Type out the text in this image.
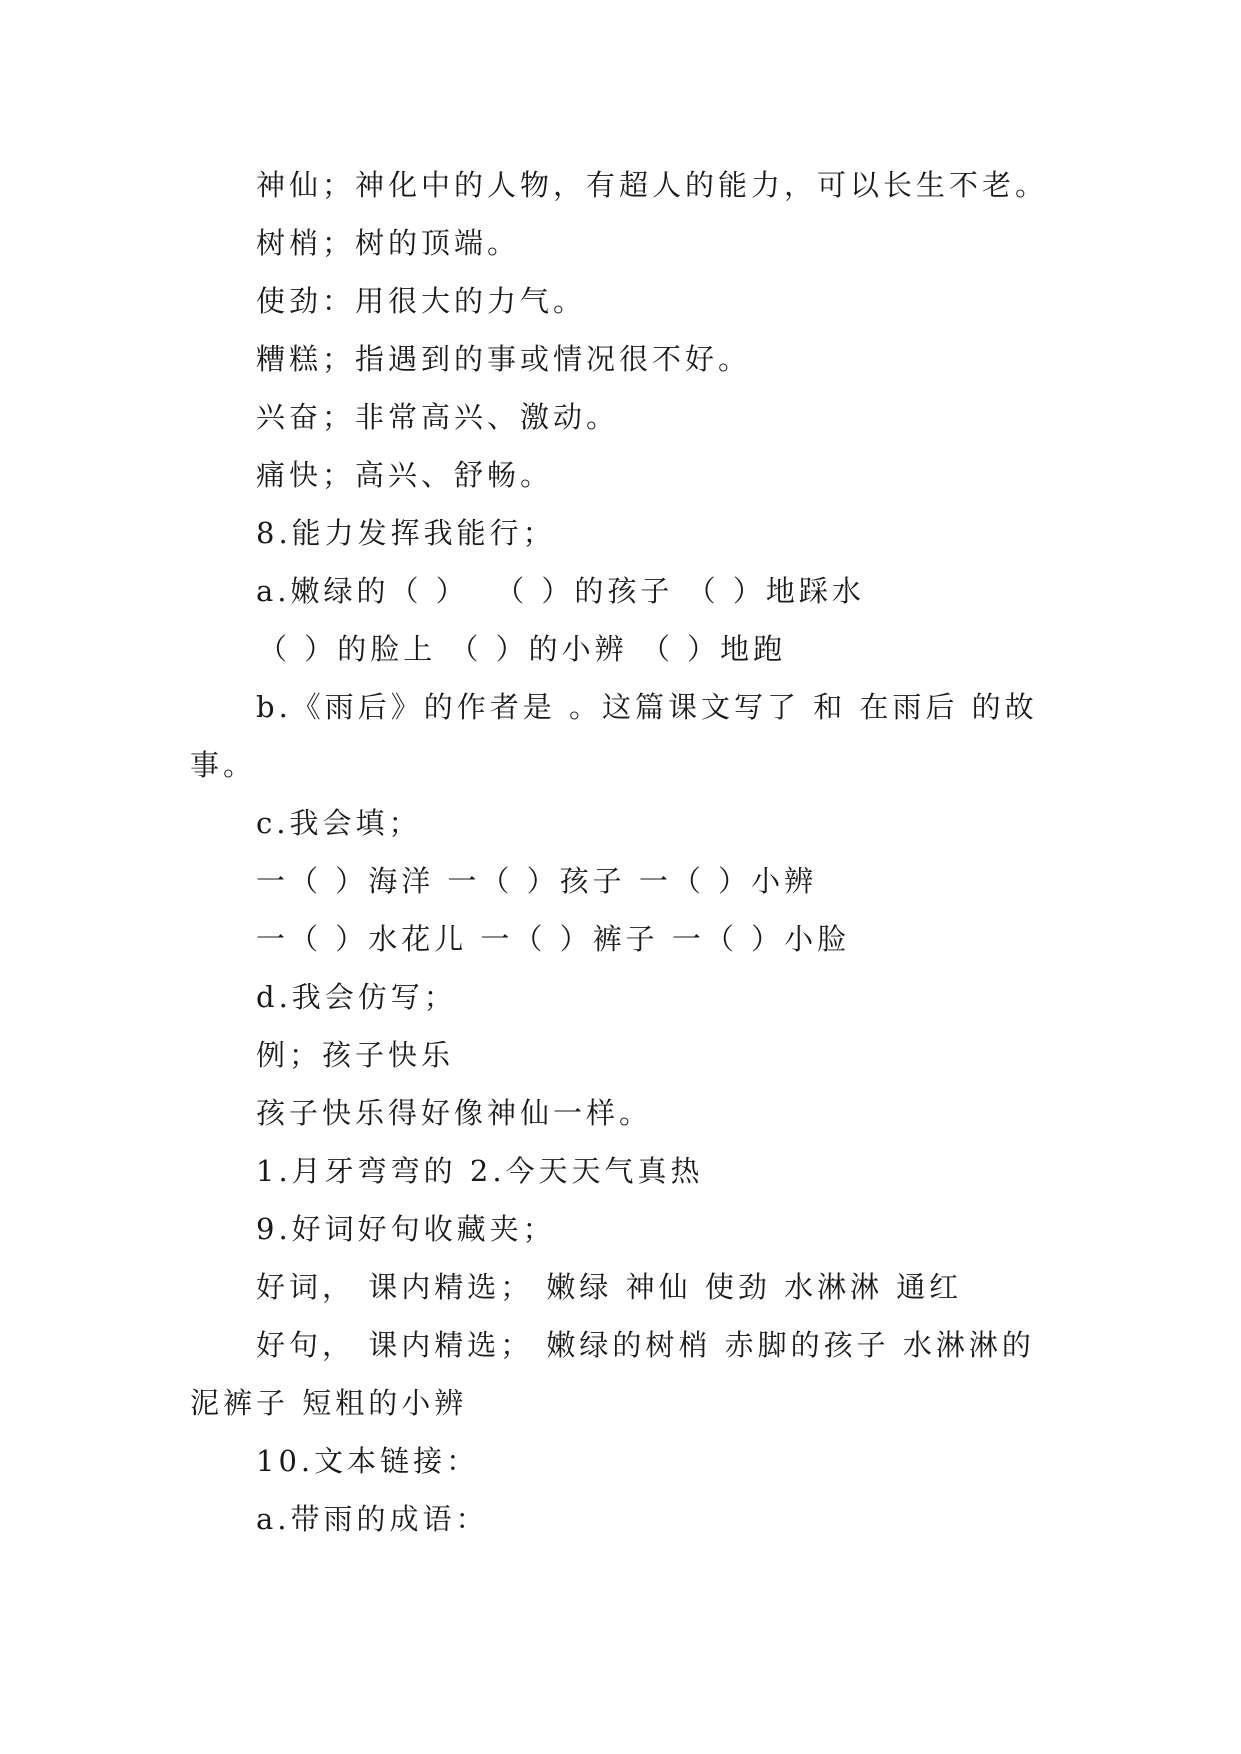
神仙；神化中的人物，有超人的能力，可以长生不老。
树梢；树的顶端。
使劲：用很大的力气。
糟糕；指遇到的事或情况很不好。
兴奋；非常高兴、激动。
痛快；高兴、舒畅。
8.能力发挥我能行；
a.嫩绿的（ ）  （ ）的孩子 （ ）地踩水
（ ）的脸上 （ ）的小辨 （ ）地跑
b.《雨后》的作者是 。这篇课文写了 和 在雨后 的故
事。
c.我会填；
一（ ）海洋 一（ ）孩子 一（ ）小辨
一（ ）水花儿 一（ ）裤子 一（ ）小脸
d.我会仿写；
例；孩子快乐
孩子快乐得好像神仙一样。
1.月牙弯弯的 2.今天天气真热
9.好词好句收藏夹；
好词， 课内精选； 嫩绿 神仙 使劲 水淋淋 通红
好句， 课内精选； 嫩绿的树梢 赤脚的孩子 水淋淋的
泥裤子 短粗的小辨
10.文本链接：
a.带雨的成语：
